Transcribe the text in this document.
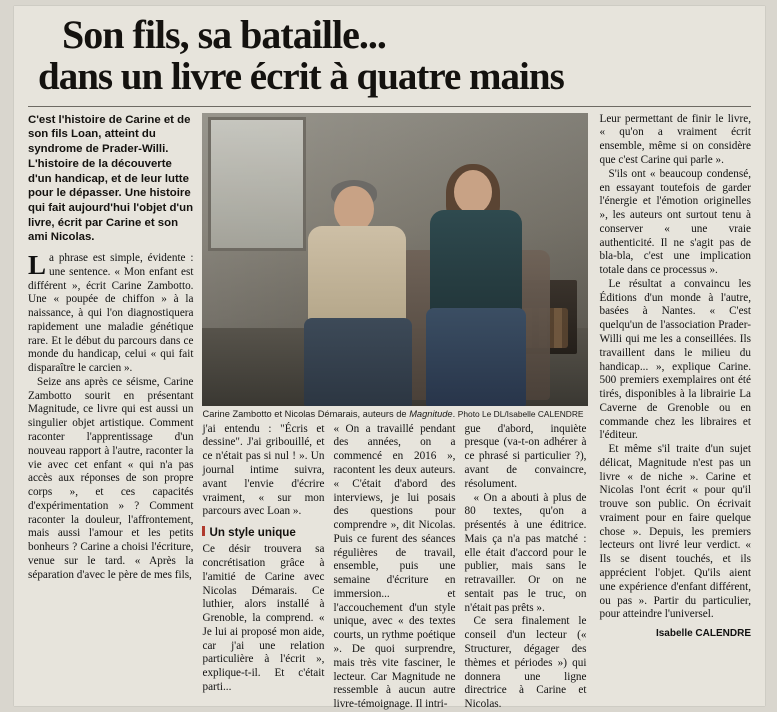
Son fils, sa bataille...
dans un livre écrit à quatre mains
C'est l'histoire de Carine et de son fils Loan, atteint du syndrome de Prader-Willi. L'histoire de la découverte d'un handicap, et de leur lutte pour le dépasser. Une histoire qui fait aujourd'hui l'objet d'un livre, écrit par Carine et son ami Nicolas.

La phrase est simple, évidente : une sentence. « Mon enfant est différent », écrit Carine Zambotto. Une « poupée de chiffon » à la naissance, à qui l'on diagnostiquera rapidement une maladie génétique rare. Et le début du parcours dans ce monde du handicap, celui « qui fait disparaître le carcien ».

Seize ans après ce séisme, Carine Zambotto sourit en présentant Magnitude, ce livre qui est aussi un singulier objet artistique. Comment raconter l'apprentissage d'un nouveau rapport à l'autre, raconter la vie avec cet enfant « qui n'a pas accès aux réponses de son propre corps », et ces capacités d'expérimentation » ? Comment raconter la douleur, l'affrontement, mais aussi l'amour et les petits bonheurs ? Carine a choisi l'écriture, venue sur le tard. « Après la séparation d'avec le père de mes fils,

Carine Zambotto et Nicolas Démarais, auteurs de Magnitude. Photo Le DL/Isabelle CALENDRE

j'ai entendu : "Écris et dessine". J'ai gribouillé, et ce n'était pas si nul ! ». Un journal intime suivra, avant l'envie d'écrire vraiment, « sur mon parcours avec Loan ».

Un style unique

Ce désir trouvera sa concrétisation grâce à l'amitié de Carine avec Nicolas Démarais. Ce luthier, alors installé à Grenoble, la comprend. « Je lui ai proposé mon aide, car j'ai une relation particulière à l'écrit », explique-t-il. Et c'était parti...

« On a travaillé pendant des années, on a commencé en 2016 », racontent les deux auteurs. « C'était d'abord des interviews, je lui posais des questions pour comprendre », dit Nicolas. Puis ce furent des séances régulières de travail, ensemble, puis une semaine d'écriture en immersion... et l'accouchement d'un style unique, avec « des textes courts, un rythme poétique ». De quoi surprendre, mais très vite fasciner, le lecteur. Car Magnitude ne ressemble à aucun autre livre-témoignage. Il intri-

gue d'abord, inquiète presque (va-t-on adhérer à ce phrasé si particulier ?), avant de convaincre, résolument.

« On a abouti à plus de 80 textes, qu'on a présentés à une éditrice. Mais ça n'a pas matché : elle était d'accord pour le publier, mais sans le retravailler. Or on ne sentait pas le truc, on n'était pas prêts ».

Ce sera finalement le conseil d'un lecteur (« Structurer, dégager des thèmes et périodes ») qui donnera une ligne directrice à Carine et Nicolas.

Leur permettant de finir le livre, « qu'on a vraiment écrit ensemble, même si on considère que c'est Carine qui parle ».

S'ils ont « beaucoup condensé, en essayant toutefois de garder l'énergie et l'émotion originelles », les auteurs ont surtout tenu à conserver « une vraie authenticité. Il ne s'agit pas de bla-bla, c'est une implication totale dans ce processus ».

Le résultat a convaincu les Éditions d'un monde à l'autre, basées à Nantes. « C'est quelqu'un de l'association Prader-Willi qui me les a conseillées. Ils travaillent dans le milieu du handicap... », explique Carine. 500 premiers exemplaires ont été tirés, disponibles à la librairie La Caverne de Grenoble ou en commande chez les libraires et l'éditeur.

Et même s'il traite d'un sujet délicat, Magnitude n'est pas un livre « de niche ». Carine et Nicolas l'ont écrit « pour qu'il trouve son public. On écrivait vraiment pour en faire quelque chose ». Depuis, les premiers lecteurs ont livré leur verdict. « Ils se disent touchés, et ils apprécient l'objet. Qu'ils aient une expérience d'enfant différent, ou pas ». Partir du particulier, pour atteindre l'universel.

Isabelle CALENDRE
